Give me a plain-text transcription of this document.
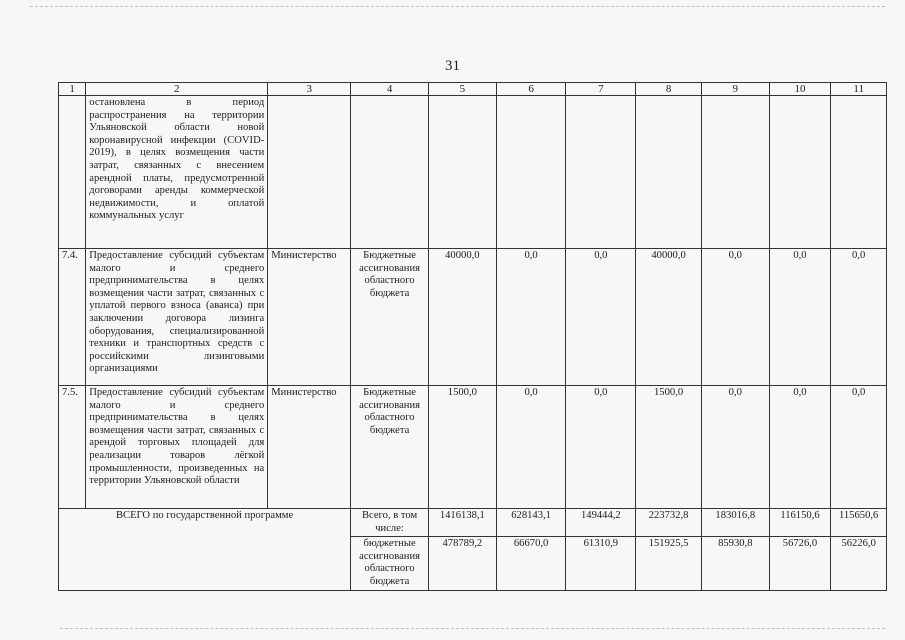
31
1	2	3	4	5	6	7	8	9	10	11
	остановлена в период распространения на территории Ульяновской области новой коронавирусной инфекции (COVID-2019), в целях возмещения части затрат, связанных с внесением арендной платы, предусмотренной договорами аренды коммерческой недвижимости, и оплатой коммунальных услуг									
7.4.	Предоставление субсидий субъектам малого и среднего предпринимательства в целях возмещения части затрат, связанных с уплатой первого взноса (аванса) при заключении договора лизинга оборудования, специализированной техники и транспортных средств с российскими лизинговыми организациями	Министерство	Бюджетные ассигнования областного бюджета	40000,0	0,0	0,0	40000,0	0,0	0,0	0,0
7.5.	Предоставление субсидий субъектам малого и среднего предпринимательства в целях возмещения части затрат, связанных с арендой торговых площадей для реализации товаров лёгкой промышленности, произведенных на территории Ульяновской области	Министерство	Бюджетные ассигнования областного бюджета	1500,0	0,0	0,0	1500,0	0,0	0,0	0,0
ВСЕГО по государственной программе			Всего, в том числе:	1416138,1	628143,1	149444,2	223732,8	183016,8	116150,6	115650,6
			бюджетные ассигнования областного бюджета	478789,2	66670,0	61310,9	151925,5	85930,8	56726,0	56226,0
